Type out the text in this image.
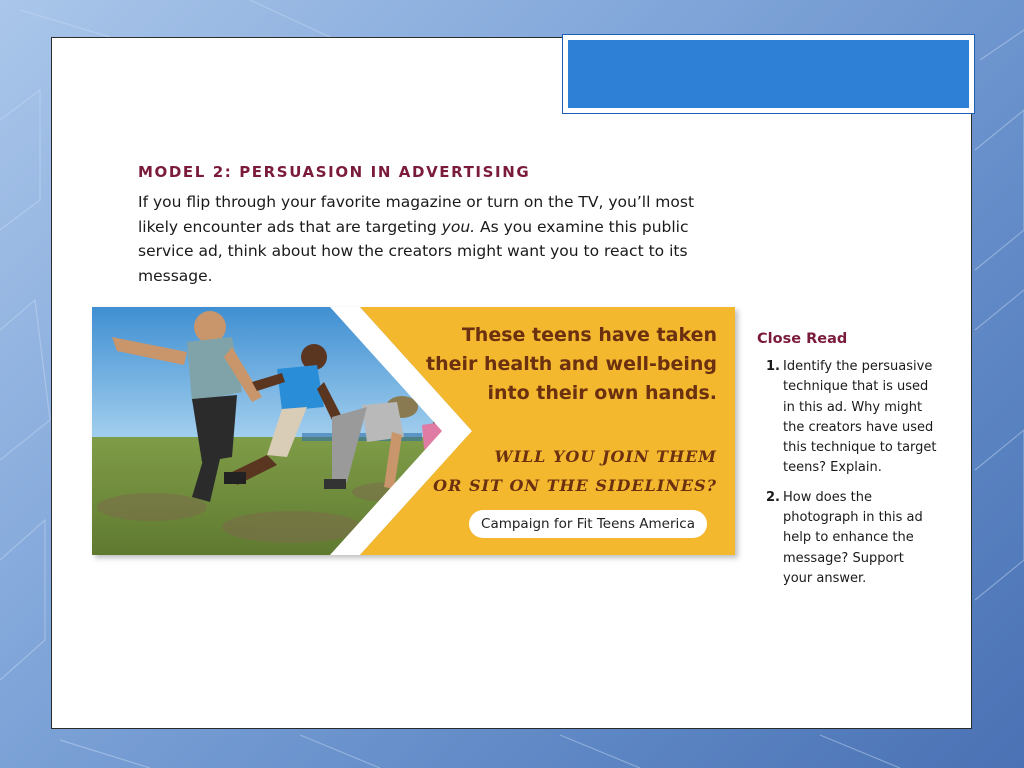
MODEL 2: PERSUASION IN ADVERTISING

If you flip through your favorite magazine or turn on the TV, you’ll most likely encounter ads that are targeting you. As you examine this public service ad, think about how the creators might want you to react to its message.

These teens have taken
their health and well-being
into their own hands.

WILL YOU JOIN THEM
OR SIT ON THE SIDELINES?

Campaign for Fit Teens America
Close Read
1. Identify the persuasive
technique that is used
in this ad. Why might
the creators have used
this technique to target
teens? Explain.
2. How does the
photograph in this ad
help to enhance the
message? Support
your answer.
